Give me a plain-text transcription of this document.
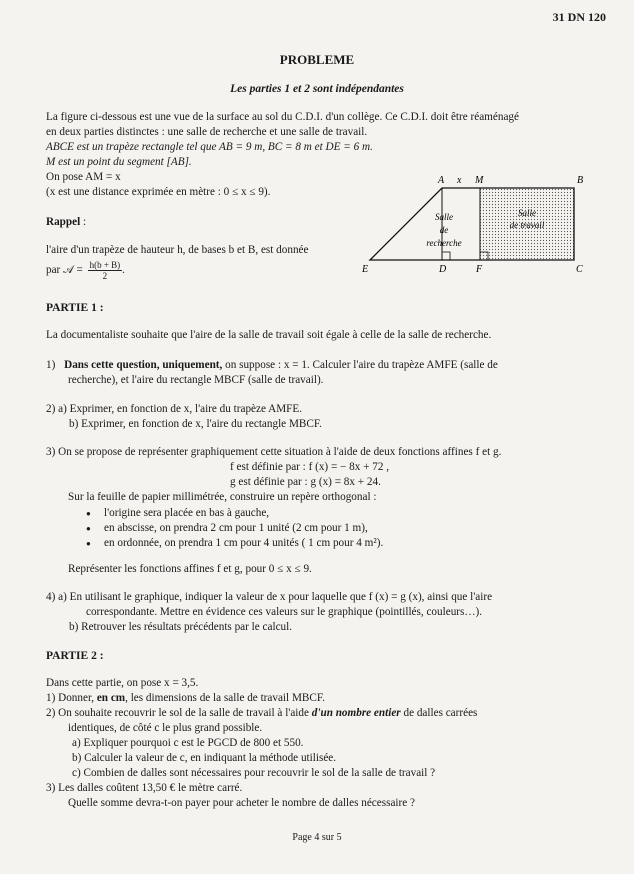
31 DN 120
PROBLEME
Les parties 1 et 2 sont indépendantes
La figure ci-dessous est une vue de la surface au sol du C.D.I. d'un collège. Ce C.D.I. doit être réaménagé
en deux parties distinctes : une salle de recherche et une salle de travail.
ABCE est un trapèze rectangle tel que AB = 9 m, BC = 8 m et DE = 6 m.
M est un point du segment [AB].
On pose AM = x
(x est une distance exprimée en mètre : 0 ≤ x ≤ 9).
Rappel :
l'aire d'un trapèze de hauteur h, de bases b et B, est donnée
par 𝒜 = $\frac{h(b + B)}{2}$ .
A x M	B
E	D	F	C
Salle
de
recherche
Salle
de travail
PARTIE 1 :
La documentaliste souhaite que l'aire de la salle de travail soit égale à celle de la salle de recherche.
1) Dans cette question, uniquement, on suppose : x = 1. Calculer l'aire du trapèze AMFE (salle de
recherche), et l'aire du rectangle MBCF (salle de travail).
2) a) Exprimer, en fonction de x, l'aire du trapèze AMFE.
b) Exprimer, en fonction de x, l'aire du rectangle MBCF.
3) On se propose de représenter graphiquement cette situation à l'aide de deux fonctions affines f et g.
f est définie par : f (x) = − 8x + 72 ,
g est définie par : g (x) = 8x + 24.
Sur la feuille de papier millimétrée, construire un repère orthogonal :
● l'origine sera placée en bas à gauche,
● en abscisse, on prendra 2 cm pour 1 unité (2 cm pour 1 m),
● en ordonnée, on prendra 1 cm pour 4 unités ( 1 cm pour 4 m²).
Représenter les fonctions affines f et g, pour 0 ≤ x ≤ 9.
4) a) En utilisant le graphique, indiquer la valeur de x pour laquelle que f (x) = g (x), ainsi que l'aire
correspondante. Mettre en évidence ces valeurs sur le graphique (pointillés, couleurs…).
b) Retrouver les résultats précédents par le calcul.
PARTIE 2 :
Dans cette partie, on pose x = 3,5.
1) Donner, en cm, les dimensions de la salle de travail MBCF.
2) On souhaite recouvrir le sol de la salle de travail à l'aide d'un nombre entier de dalles carrées
identiques, de côté c le plus grand possible.
a) Expliquer pourquoi c est le PGCD de 800 et 550.
b) Calculer la valeur de c, en indiquant la méthode utilisée.
c) Combien de dalles sont nécessaires pour recouvrir le sol de la salle de travail ?
3) Les dalles coûtent 13,50 € le mètre carré.
Quelle somme devra-t-on payer pour acheter le nombre de dalles nécessaire ?
Page 4 sur 5
